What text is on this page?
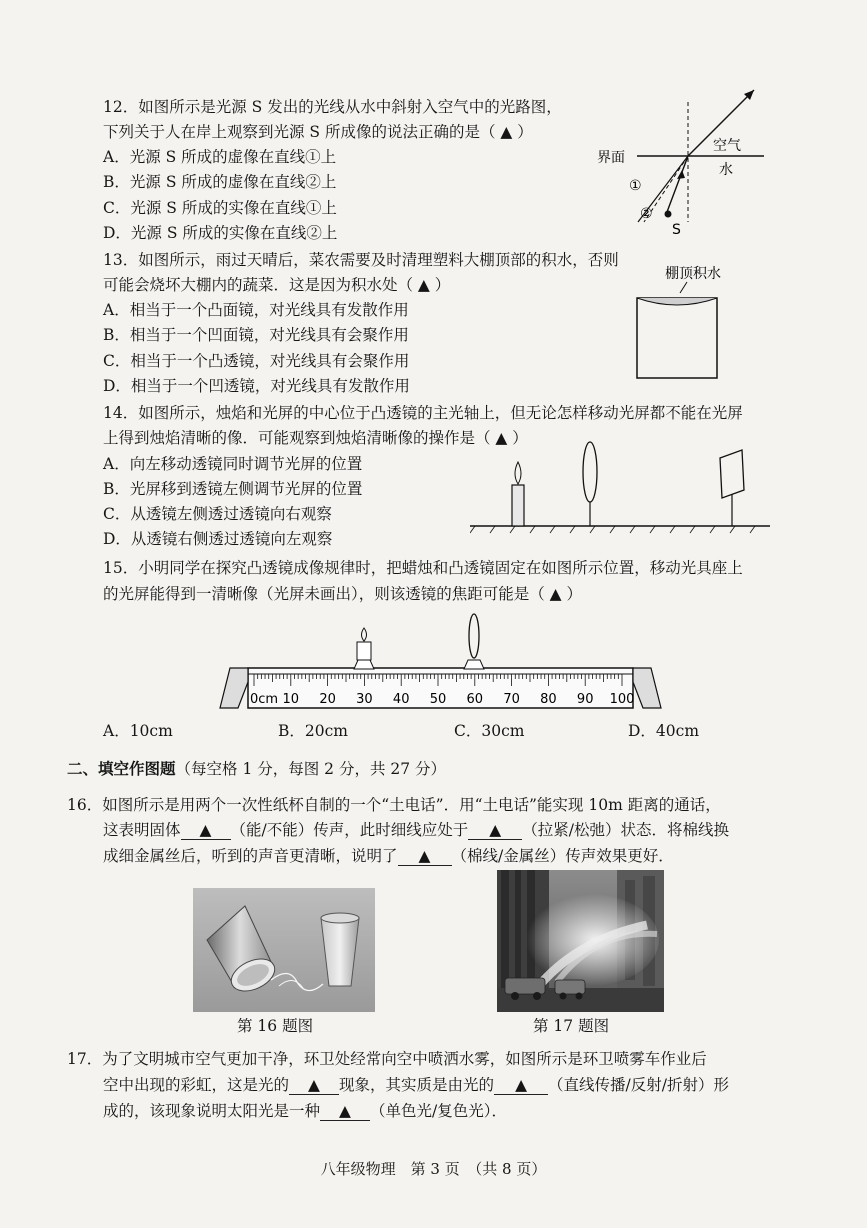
12．如图所示是光源 S 发出的光线从水中斜射入空气中的光路图，
下列关于人在岸上观察到光源 S 所成像的说法正确的是（ ▲ ）
A．光源 S 所成的虚像在直线①上
B．光源 S 所成的虚像在直线②上
C．光源 S 所成的实像在直线①上
D．光源 S 所成的实像在直线②上
界面
空气
水
①
②
S
13．如图所示，雨过天晴后，菜农需要及时清理塑料大棚顶部的积水，否则
可能会烧坏大棚内的蔬菜．这是因为积水处（ ▲ ）
A．相当于一个凸面镜，对光线具有发散作用
B．相当于一个凹面镜，对光线具有会聚作用
C．相当于一个凸透镜，对光线具有会聚作用
D．相当于一个凹透镜，对光线具有发散作用
棚顶积水
14．如图所示，烛焰和光屏的中心位于凸透镜的主光轴上，但无论怎样移动光屏都不能在光屏
上得到烛焰清晰的像．可能观察到烛焰清晰像的操作是（ ▲ ）
A．向左移动透镜同时调节光屏的位置
B．光屏移到透镜左侧调节光屏的位置
C．从透镜左侧透过透镜向右观察
D．从透镜右侧透过透镜向左观察
15．小明同学在探究凸透镜成像规律时，把蜡烛和凸透镜固定在如图所示位置，移动光具座上
的光屏能得到一清晰像（光屏未画出），则该透镜的焦距可能是（ ▲ ）
0cm 10 20 30 40 50 60 70 80 90 100
A．10cm	B．20cm	C．30cm	D．40cm
二、填空作图题（每空格 1 分，每图 2 分，共 27 分）
16．如图所示是用两个一次性纸杯自制的一个“土电话”．用“土电话”能实现 10m 距离的通话，
这表明固体 ▲ （能/不能）传声，此时细线应处于 ▲ （拉紧/松弛）状态．将棉线换
成细金属丝后，听到的声音更清晰，说明了 ▲ （棉线/金属丝）传声效果更好．
第 16 题图	第 17 题图
17．为了文明城市空气更加干净，环卫处经常向空中喷洒水雾，如图所示是环卫喷雾车作业后
空中出现的彩虹，这是光的 ▲ 现象，其实质是由光的 ▲ （直线传播/反射/折射）形
成的，该现象说明太阳光是一种 ▲ （单色光/复色光）．
八年级物理　第 3 页　（共 8 页）
